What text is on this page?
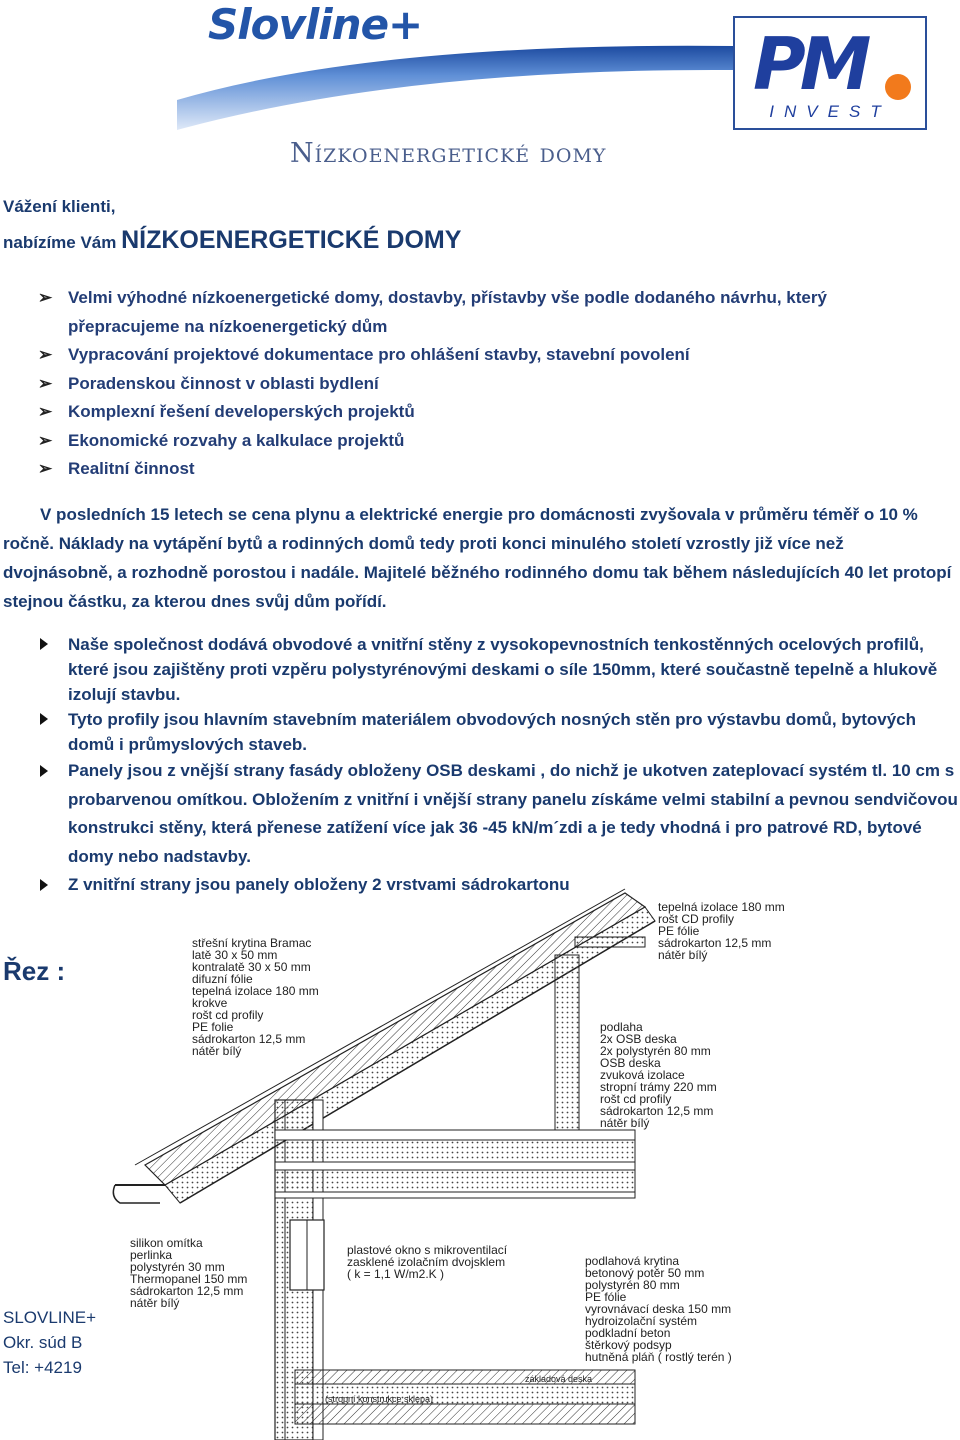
Slovline+	PM
INVEST
Nízkoenergetické domy
Vážení klienti,
nabízíme Vám NÍZKOENERGETICKÉ DOMY
➢ Velmi výhodné nízkoenergetické domy, dostavby, přístavby vše podle dodaného návrhu, který přepracujeme na nízkoenergetický dům
➢ Vypracování projektové dokumentace pro ohlášení stavby, stavební povolení
➢ Poradenskou činnost v oblasti bydlení
➢ Komplexní řešení developerských projektů
➢ Ekonomické rozvahy a kalkulace projektů
➢ Realitní činnost
V posledních 15 letech se cena plynu a elektrické energie pro domácnosti zvyšovala v průměru téměř o 10 % ročně. Náklady na vytápění bytů a rodinných domů tedy proti konci minulého století vzrostly již více než dvojnásobně, a rozhodně porostou i nadále. Majitelé běžného rodinného domu tak během následujících 40 let protopí stejnou částku, za kterou dnes svůj dům pořídí.
Naše společnost dodává obvodové a vnitřní stěny z vysokopevnostních tenkostěnných ocelových profilů, které jsou zajištěny proti vzpěru polystyrénovými deskami o síle 150mm, které součastně tepelně a hlukově izolují stavbu.
Tyto profily jsou hlavním stavebním materiálem obvodových nosných stěn pro výstavbu domů, bytových domů i průmyslových staveb.
Panely jsou z vnější strany fasády obloženy OSB deskami , do nichž je ukotven zateplovací systém tl. 10 cm s probarvenou omítkou. Obložením z vnitřní i vnější strany panelu získáme velmi stabilní a pevnou sendvičovou konstrukci stěny, která přenese zatížení více jak 36 -45 kN/m´zdi a je tedy vhodná i pro patrové RD, bytové domy nebo nadstavby.
Z vnitřní strany jsou panely obloženy 2 vrstvami sádrokartonu
Řez :
(stropní konstrukce sklepa)
základová deska
střešní krytina Bramac
latě 30 x 50 mm
kontralatě 30 x 50 mm
difuzní fólie
tepelná izolace 180 mm
krokve
rošt cd profily
PE folie
sádrokarton 12,5 mm
nátěr bílý
tepelná izolace 180 mm
rošt CD profily
PE fólie
sádrokarton 12,5 mm
nátěr bílý
podlaha
2x OSB deska
2x polystyrén 80 mm
OSB deska
zvuková izolace
stropní trámy 220 mm
rošt cd profily
sádrokarton 12,5 mm
nátěr bílý
silikon omítka
perlinka
polystyrén 30 mm
Thermopanel 150 mm
sádrokarton 12,5 mm
nátěr bílý
plastové okno s mikroventilací
zasklené izolačním dvojsklem
( k = 1,1 W/m2.K )
podlahová krytina
betonový potěr 50 mm
polystyrén 80 mm
PE fólie
vyrovnávací deska 150 mm
hydroizolační systém
podkladní beton
štěrkový podsyp
hutněná pláň ( rostlý terén )
SLOVLINE+
Okr. súd B
Tel: +4219
